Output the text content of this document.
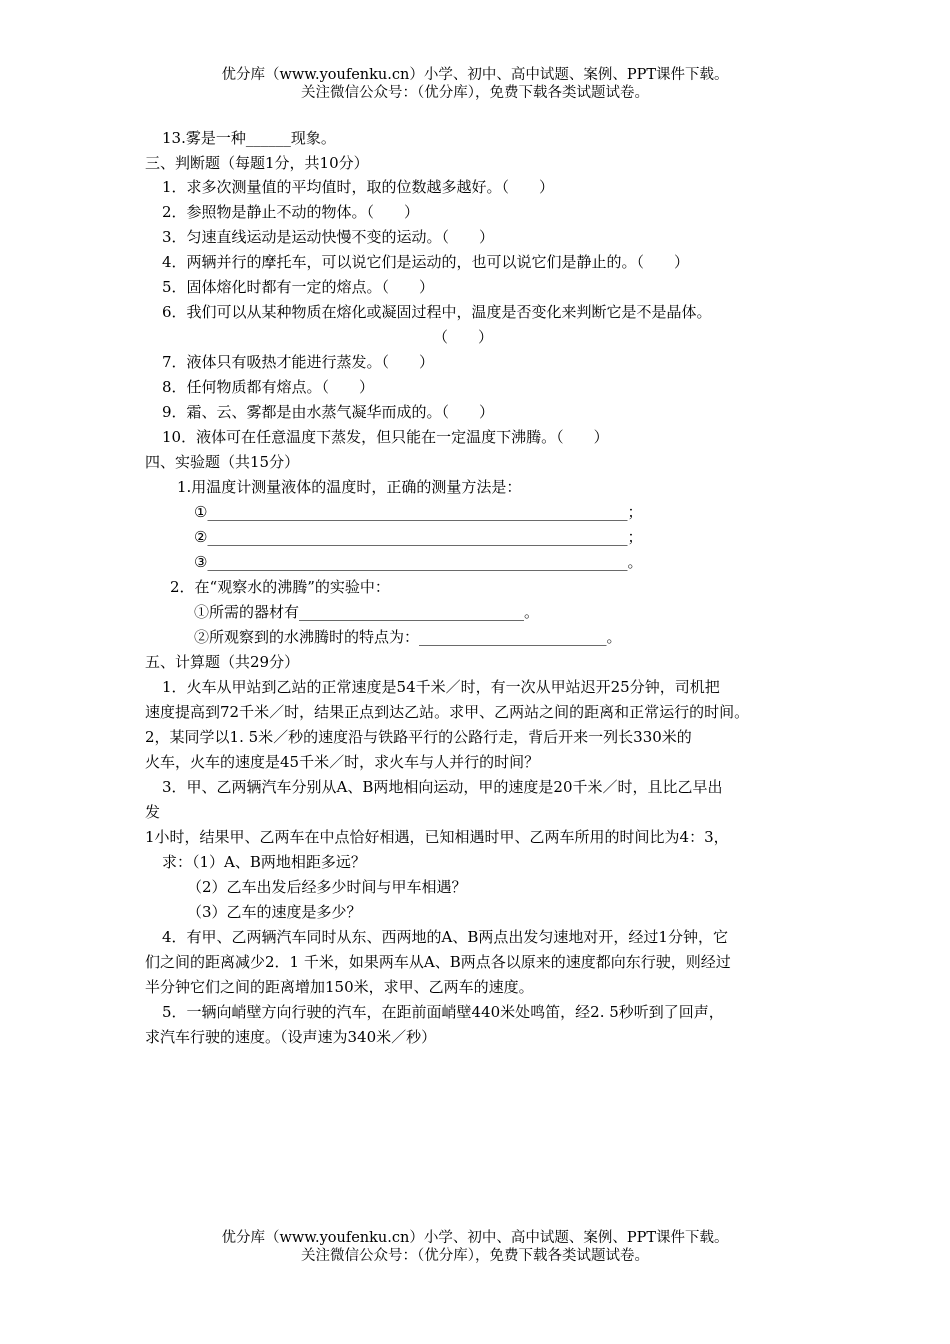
优分库（www.youfenku.cn）小学、初中、高中试题、案例、PPT课件下载。
关注微信公众号：（优分库），免费下载各类试题试卷。
13.雾是一种______现象。
三、判断题（每题1分，共10分）
1．求多次测量值的平均值时，取的位数越多越好。（　　）
2．参照物是静止不动的物体。（　　）
3．匀速直线运动是运动快慢不变的运动。（　　）
4．两辆并行的摩托车，可以说它们是运动的，也可以说它们是静止的。（　　）
5．固体熔化时都有一定的熔点。（　　）
6．我们可以从某种物质在熔化或凝固过程中，温度是否变化来判断它是不是晶体。
（　　）
7．液体只有吸热才能进行蒸发。（　　）
8．任何物质都有熔点。（　　）
9．霜、云、雾都是由水蒸气凝华而成的。（　　）
10．液体可在任意温度下蒸发，但只能在一定温度下沸腾。（　　）
四、实验题（共15分）
1.用温度计测量液体的温度时，正确的测量方法是：
①________________________________________________________；
②________________________________________________________；
③________________________________________________________。
2．在“观察水的沸腾”的实验中：
①所需的器材有______________________________。
②所观察到的水沸腾时的特点为：_________________________。
五、计算题（共29分）
1．火车从甲站到乙站的正常速度是54千米／时，有一次从甲站迟开25分钟，司机把
速度提高到72千米／时，结果正点到达乙站。求甲、乙两站之间的距离和正常运行的时间。
2，某同学以1. 5米／秒的速度沿与铁路平行的公路行走，背后开来一列长330米的
火车，火车的速度是45千米／时，求火车与人并行的时间？
3．甲、乙两辆汽车分别从A、B两地相向运动，甲的速度是20千米／时，且比乙早出
发
1小时，结果甲、乙两车在中点恰好相遇，已知相遇时甲、乙两车所用的时间比为4：3，
求：（1）A、B两地相距多远？
（2）乙车出发后经多少时间与甲车相遇？
（3）乙车的速度是多少？
4．有甲、乙两辆汽车同时从东、西两地的A、B两点出发匀速地对开，经过1分钟，它
们之间的距离减少2．1 千米，如果两车从A、B两点各以原来的速度都向东行驶，则经过
半分钟它们之间的距离增加150米，求甲、乙两车的速度。
5．一辆向峭壁方向行驶的汽车，在距前面峭壁440米处鸣笛，经2. 5秒听到了回声，
求汽车行驶的速度。（设声速为340米／秒）
优分库（www.youfenku.cn）小学、初中、高中试题、案例、PPT课件下载。
关注微信公众号：（优分库），免费下载各类试题试卷。
